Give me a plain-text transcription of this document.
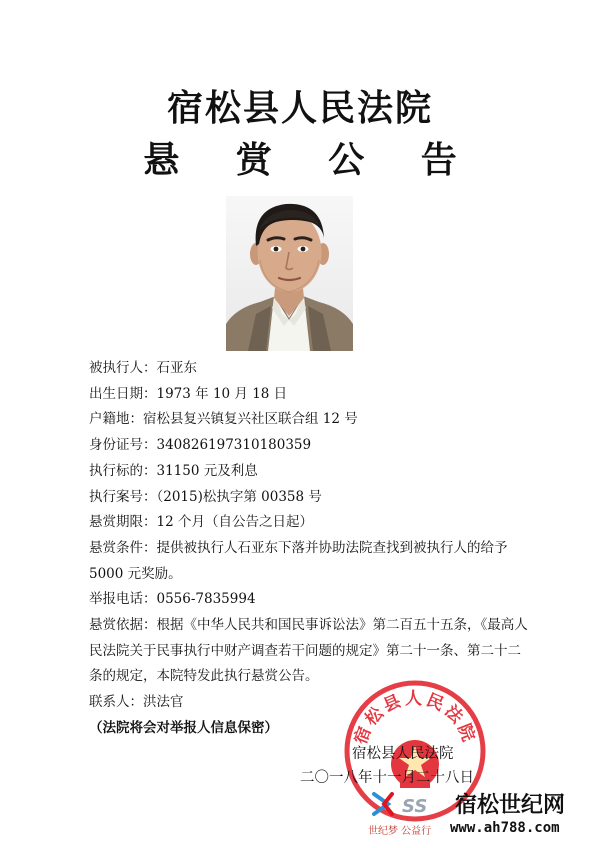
宿松县人民法院
悬 赏 公 告
被执行人：石亚东
出生日期：1973 年 10 月 18 日
户籍地：宿松县复兴镇复兴社区联合组 12 号
身份证号：340826197310180359
执行标的：31150 元及利息
执行案号：（2015)松执字第 00358 号
悬赏期限：12 个月（自公告之日起）
悬赏条件：提供被执行人石亚东下落并协助法院查找到被执行人的给予 5000 元奖励。
举报电话：0556-7835994
悬赏依据：根据《中华人民共和国民事诉讼法》第二百五十五条，《最高人民法院关于民事执行中财产调查若干问题的规定》第二十一条、第二十二条的规定，本院特发此执行悬赏公告。
联系人：洪法官
（法院将会对举报人信息保密）	宿松县人民法院
宿松县人民法院
二〇一八年十一月二十八日
SS 宿松世纪网
www.ah788.com
世纪梦 公益行
